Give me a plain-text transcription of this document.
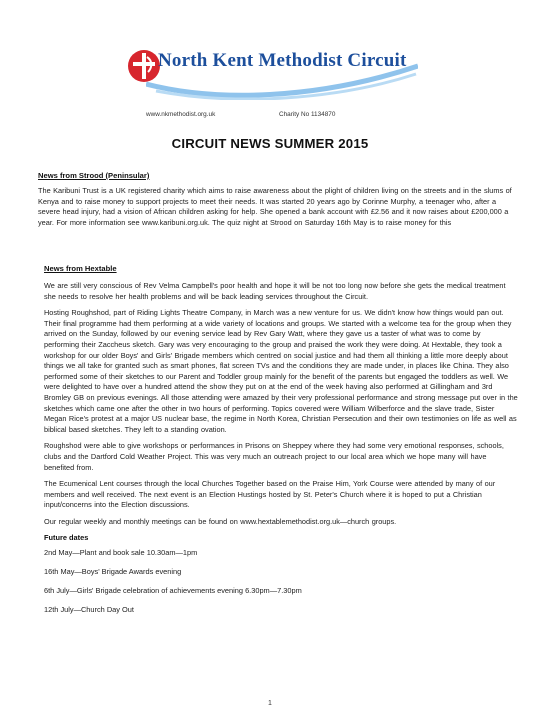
North Kent Methodist Circuit
www.nkmethodist.org.uk	Charity No 1134870
CIRCUIT NEWS SUMMER 2015
News from Strood (Peninsular)
The Karibuni Trust is a UK registered charity which aims to raise awareness about the plight of children living on the streets and in the slums of Kenya and to raise money to support projects to meet their needs. It was started 20 years ago by Corinne Murphy, a teenager who, after a severe head injury, had a vision of African children asking for help. She opened a bank account with £2.56 and it now raises about £200,000 a year. For more information see www.karibuni.org.uk. The quiz night at Strood on Saturday 16th May is to raise money for this
News from Hextable
We are still very conscious of Rev Velma Campbell's poor health and hope it will be not too long now before she gets the medical treatment she needs to resolve her health problems and will be back leading services throughout the Circuit.
Hosting Roughshod, part of Riding Lights Theatre Company, in March was a new venture for us. We didn't know how things would pan out. Their final programme had them performing at a wide variety of locations and groups. We started with a welcome tea for the group when they arrived on the Sunday, followed by our evening service lead by Rev Gary Watt, where they gave us a taster of what was to come by performing their Zaccheus sketch. Gary was very encouraging to the group and praised the work they were doing. At Hextable, they took a workshop for our older Boys' and Girls' Brigade members which centred on social justice and had them all thinking a little more deeply about things we all take for granted such as smart phones, flat screen TVs and the conditions they are made under, in places like China. They also performed some of their sketches to our Parent and Toddler group mainly for the benefit of the parents but engaged the toddlers as well. We were delighted to have over a hundred attend the show they put on at the end of the week having also performed at Gillingham and 3rd Bromley GB on previous evenings. All those attending were amazed by their very professional performance and strong message put over in the sketches which came one after the other in two hours of performing. Topics covered were William Wilberforce and the slave trade, Sister Megan Rice's protest at a major US nuclear base, the regime in North Korea, Christian Persecution and their own testimonies on life as well as biblical based sketches. They left to a standing ovation.
Roughshod were able to give workshops or performances in Prisons on Sheppey where they had some very emotional responses, schools, clubs and the Dartford Cold Weather Project. This was very much an outreach project to our local area which we hope many will have benefited from.
The Ecumenical Lent courses through the local Churches Together based on the Praise Him, York Course were attended by many of our members and well received. The next event is an Election Hustings hosted by St. Peter's Church where it is hoped to put a Christian input/concerns into the Election discussions.
Our regular weekly and monthly meetings can be found on www.hextablemethodist.org.uk—church groups.
Future dates
2nd May—Plant and book sale 10.30am—1pm
16th May—Boys' Brigade Awards evening
6th July—Girls' Brigade celebration of achievements evening 6.30pm—7.30pm
12th July—Church Day Out
1
